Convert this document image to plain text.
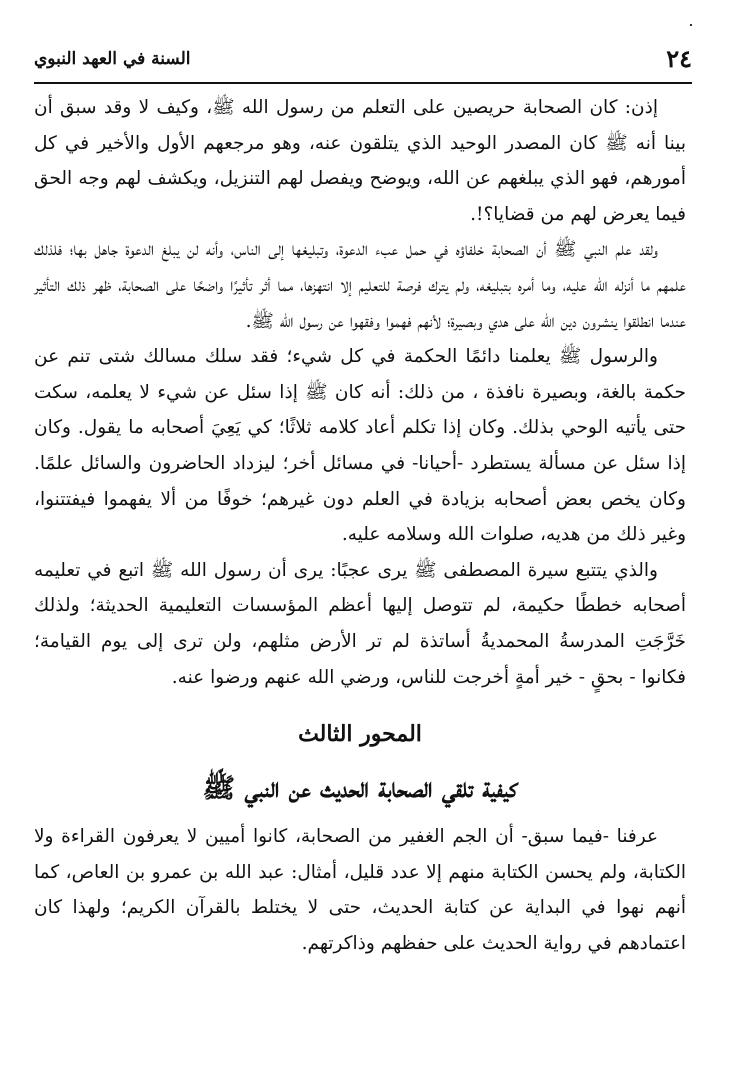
٢٤
السنة في العهد النبوي

إذن: كان الصحابة حريصين على التعلم من رسول الله ﷺ، وكيف لا وقد سبق أن بينا أنه ﷺ كان المصدر الوحيد الذي يتلقون عنه، وهو مرجعهم الأول والأخير في كل أمورهم، فهو الذي يبلغهم عن الله، ويوضح ويفصل لهم التنزيل، ويكشف لهم وجه الحق فيما يعرض لهم من قضايا؟!.

ولقد علم النبي ﷺ أن الصحابة خلفاؤه في حمل عبء الدعوة، وتبليغها إلى الناس، وأنه لن يبلغ الدعوة جاهل بها؛ فلذلك علمهم ما أنزله الله عليه، وما أمره بتبليغه، ولم يترك فرصة للتعليم إلا انتهزها، مما أثر تأثيرًا واضحًا على الصحابة، ظهر ذلك التأثير عندما انطلقوا ينشرون دين الله على هدي وبصيرة؛ لأنهم فهموا وفقهوا عن رسول الله ﷺ.

والرسول ﷺ يعلمنا دائمًا الحكمة في كل شيء؛ فقد سلك مسالك شتى تنم عن حكمة بالغة، وبصيرة نافذة ، من ذلك: أنه كان ﷺ إذا سئل عن شيء لا يعلمه، سكت حتى يأتيه الوحي بذلك. وكان إذا تكلم أعاد كلامه ثلاثًا؛ كي يَعِيَ أصحابه ما يقول. وكان إذا سئل عن مسألة يستطرد -أحيانا- في مسائل أخر؛ ليزداد الحاضرون والسائل علمًا. وكان يخص بعض أصحابه بزيادة في العلم دون غيرهم؛ خوفًا من ألا يفهموا فيفتتنوا، وغير ذلك من هديه، صلوات الله وسلامه عليه.

والذي يتتبع سيرة المصطفى ﷺ يرى عجبًا: يرى أن رسول الله ﷺ اتبع في تعليمه أصحابه خططًا حكيمة، لم تتوصل إليها أعظم المؤسسات التعليمية الحديثة؛ ولذلك خَرَّجَتِ المدرسةُ المحمديةُ أساتذة لم تر الأرض مثلهم، ولن ترى إلى يوم القيامة؛ فكانوا - بحقٍ - خير أمةٍ أخرجت للناس، ورضي الله عنهم ورضوا عنه.

المحور الثالث

كيفية تلقي الصحابة الحديث عن النبي ﷺ

عرفنا -فيما سبق- أن الجم الغفير من الصحابة، كانوا أميين لا يعرفون القراءة ولا الكتابة، ولم يحسن الكتابة منهم إلا عدد قليل، أمثال: عبد الله بن عمرو بن العاص، كما أنهم نهوا في البداية عن كتابة الحديث، حتى لا يختلط بالقرآن الكريم؛ ولهذا كان اعتمادهم في رواية الحديث على حفظهم وذاكرتهم.
